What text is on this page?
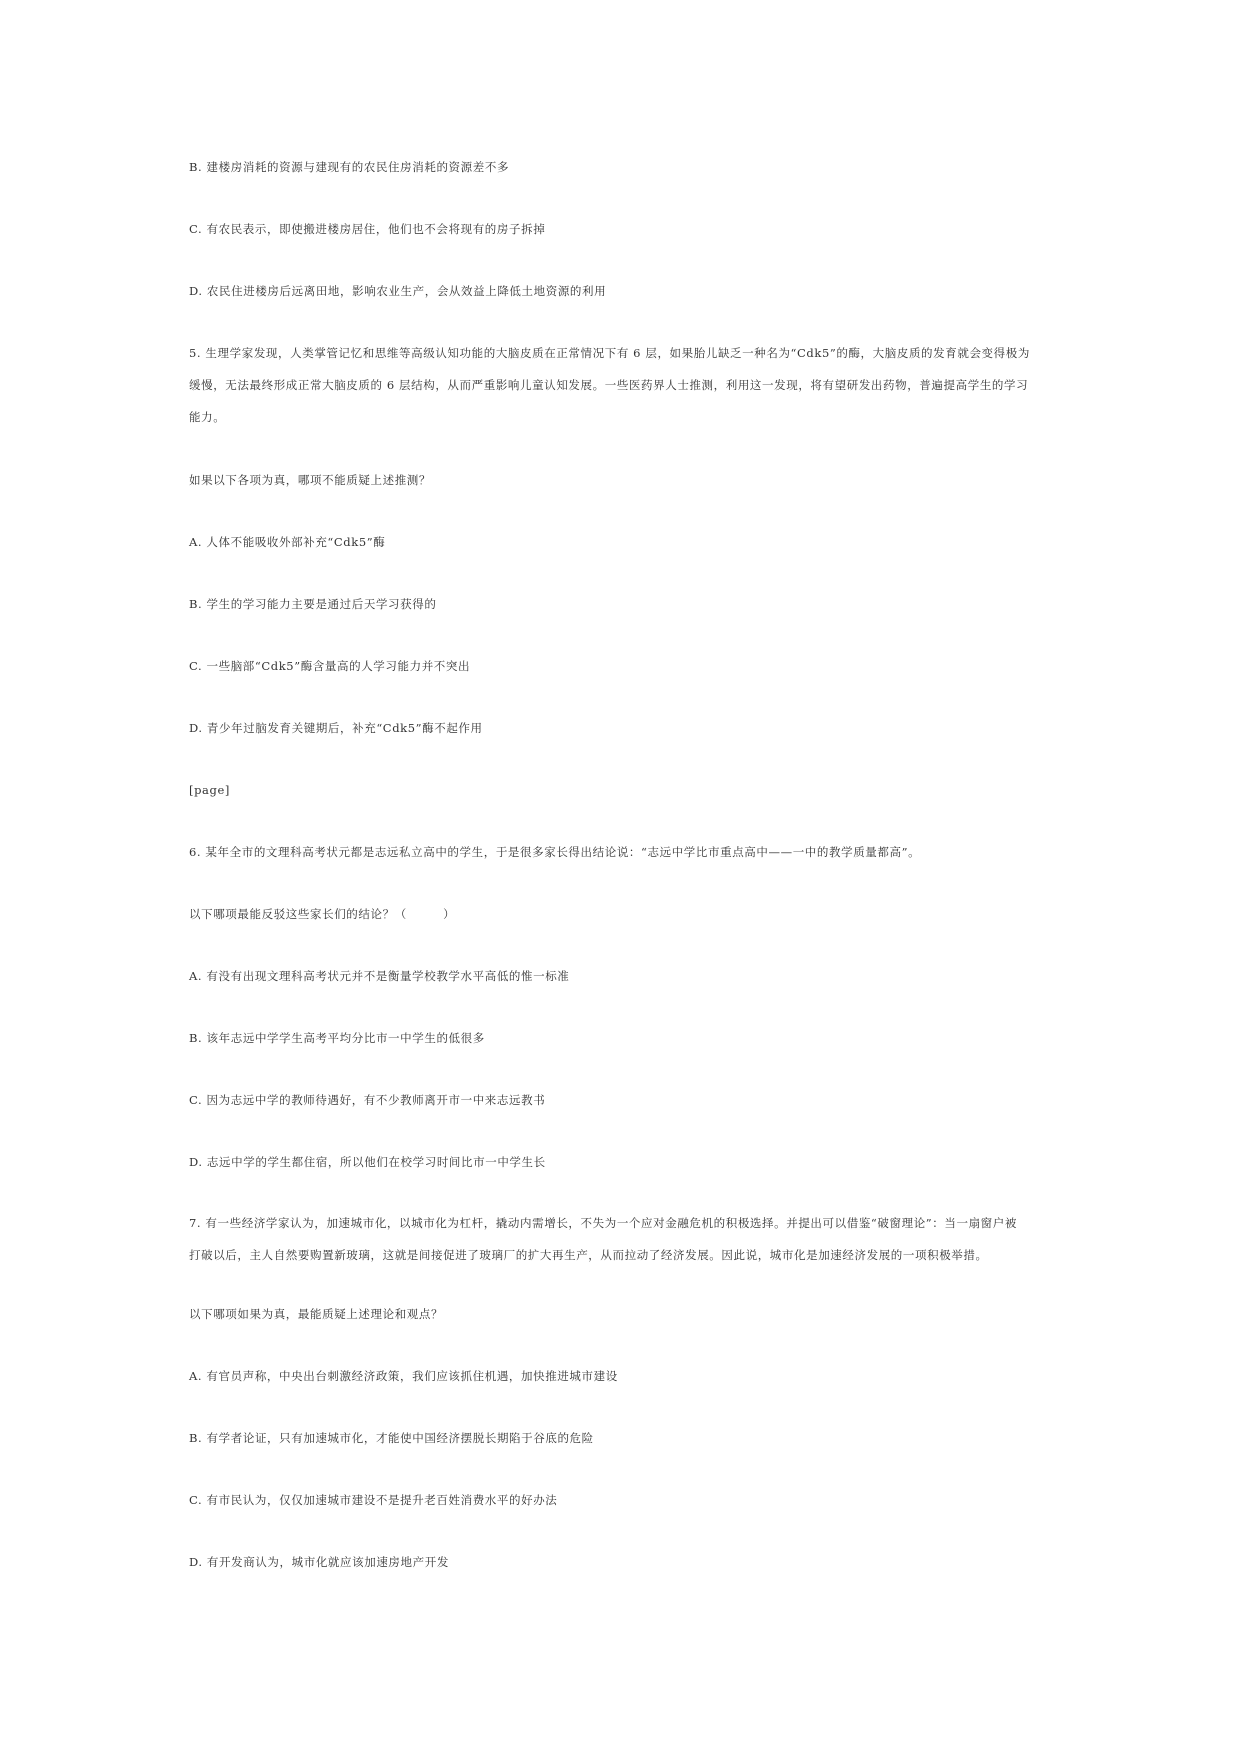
B. 建楼房消耗的资源与建现有的农民住房消耗的资源差不多
C. 有农民表示，即使搬进楼房居住，他们也不会将现有的房子拆掉
D. 农民住进楼房后远离田地，影响农业生产，会从效益上降低土地资源的利用
5. 生理学家发现，人类掌管记忆和思维等高级认知功能的大脑皮质在正常情况下有 6 层，如果胎儿缺乏一种名为“Cdk5”的酶，大脑皮质的发育就会变得极为
缓慢，无法最终形成正常大脑皮质的 6 层结构，从而严重影响儿童认知发展。一些医药界人士推测，利用这一发现，将有望研发出药物，普遍提高学生的学习
能力。
如果以下各项为真，哪项不能质疑上述推测？
A. 人体不能吸收外部补充“Cdk5”酶
B. 学生的学习能力主要是通过后天学习获得的
C. 一些脑部“Cdk5”酶含量高的人学习能力并不突出
D. 青少年过脑发育关键期后，补充“Cdk5”酶不起作用
[page]
6. 某年全市的文理科高考状元都是志远私立高中的学生，于是很多家长得出结论说：“志远中学比市重点高中——一中的教学质量都高”。
以下哪项最能反驳这些家长们的结论？（　　　）
A. 有没有出现文理科高考状元并不是衡量学校教学水平高低的惟一标准
B. 该年志远中学学生高考平均分比市一中学生的低很多
C. 因为志远中学的教师待遇好，有不少教师离开市一中来志远教书
D. 志远中学的学生都住宿，所以他们在校学习时间比市一中学生长
7. 有一些经济学家认为，加速城市化，以城市化为杠杆，撬动内需增长，不失为一个应对金融危机的积极选择。并提出可以借鉴“破窗理论”：当一扇窗户被
打破以后，主人自然要购置新玻璃，这就是间接促进了玻璃厂的扩大再生产，从而拉动了经济发展。因此说，城市化是加速经济发展的一项积极举措。
以下哪项如果为真，最能质疑上述理论和观点？
A. 有官员声称，中央出台刺激经济政策，我们应该抓住机遇，加快推进城市建设
B. 有学者论证，只有加速城市化，才能使中国经济摆脱长期陷于谷底的危险
C. 有市民认为，仅仅加速城市建设不是提升老百姓消费水平的好办法
D. 有开发商认为，城市化就应该加速房地产开发
